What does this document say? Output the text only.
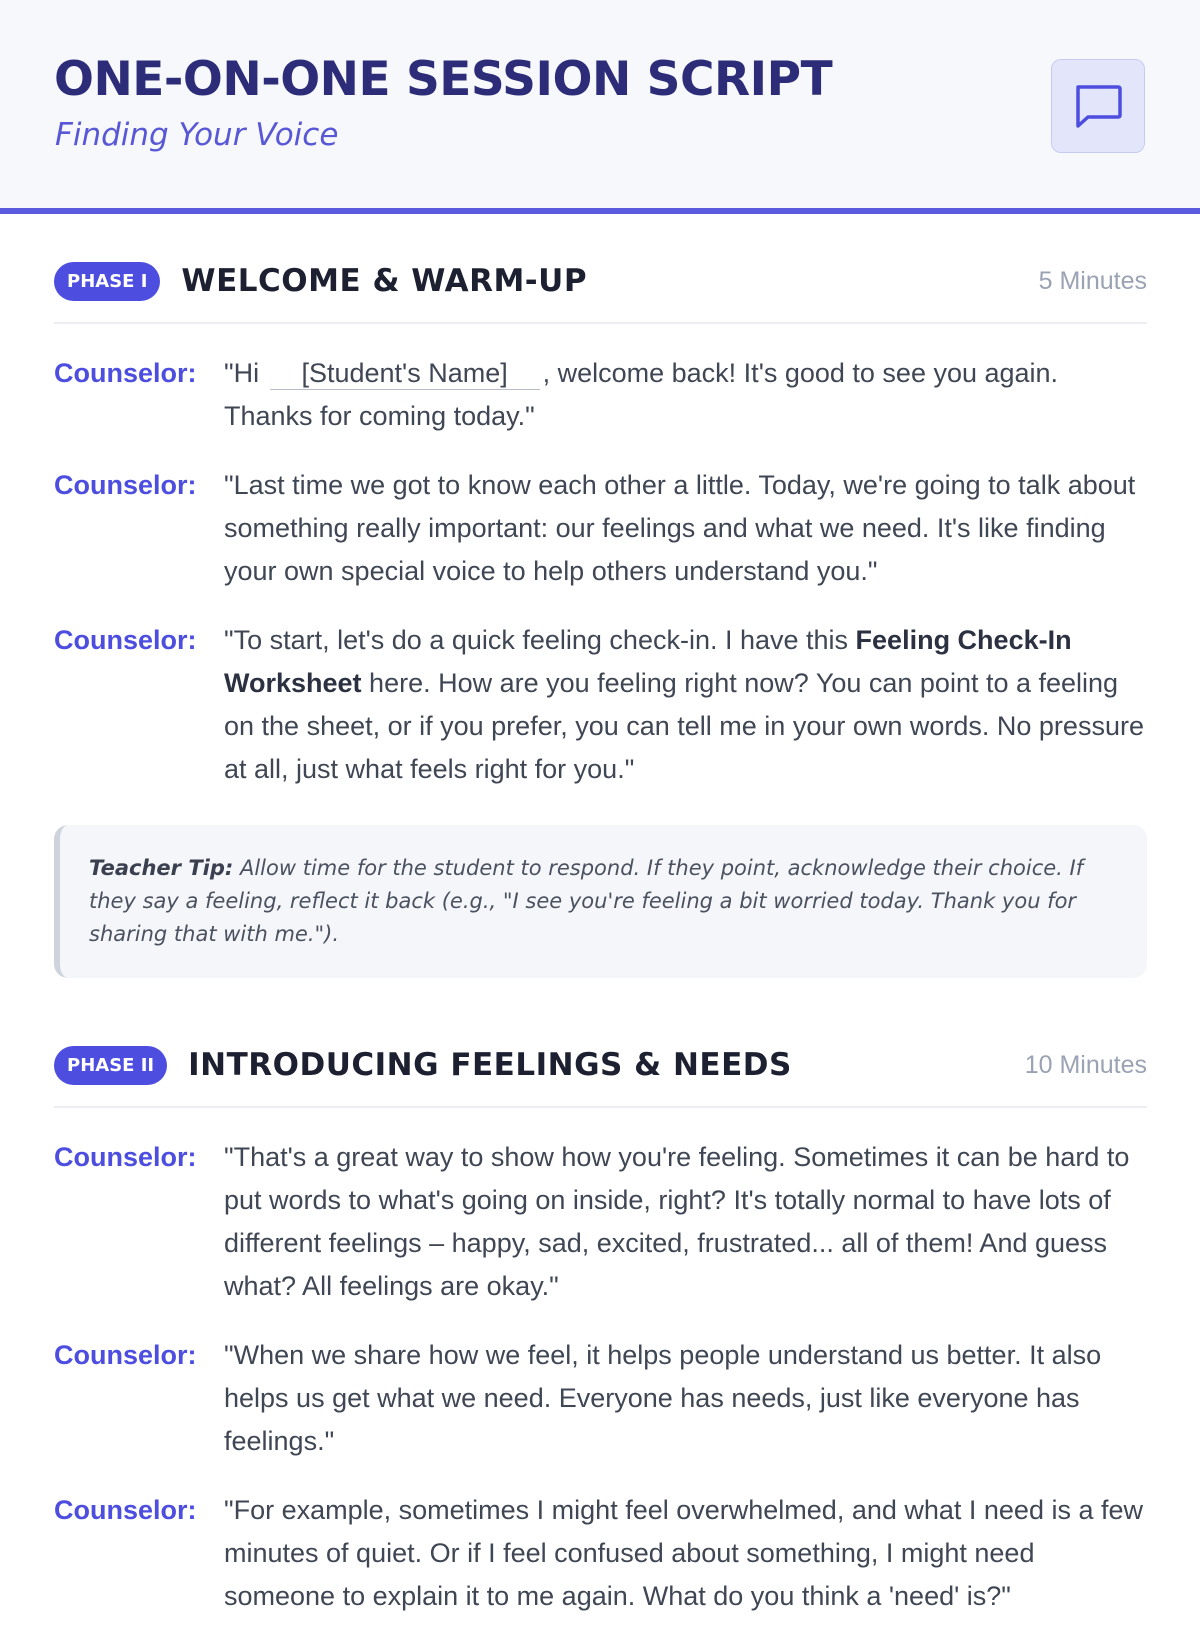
ONE-ON-ONE SESSION SCRIPT
Finding Your Voice
PHASE I	WELCOME & WARM-UP	5 Minutes
Counselor:	"Hi [Student's Name] , welcome back! It's good to see you again. Thanks for coming today."
Counselor:	"Last time we got to know each other a little. Today, we're going to talk about something really important: our feelings and what we need. It's like finding your own special voice to help others understand you."
Counselor:	"To start, let's do a quick feeling check-in. I have this Feeling Check-In Worksheet here. How are you feeling right now? You can point to a feeling on the sheet, or if you prefer, you can tell me in your own words. No pressure at all, just what feels right for you."
Teacher Tip: Allow time for the student to respond. If they point, acknowledge their choice. If they say a feeling, reflect it back (e.g., "I see you're feeling a bit worried today. Thank you for sharing that with me.").
PHASE II	INTRODUCING FEELINGS & NEEDS	10 Minutes
Counselor:	"That's a great way to show how you're feeling. Sometimes it can be hard to put words to what's going on inside, right? It's totally normal to have lots of different feelings – happy, sad, excited, frustrated... all of them! And guess what? All feelings are okay."
Counselor:	"When we share how we feel, it helps people understand us better. It also helps us get what we need. Everyone has needs, just like everyone has feelings."
Counselor:	"For example, sometimes I might feel overwhelmed, and what I need is a few minutes of quiet. Or if I feel confused about something, I might need someone to explain it to me again. What do you think a 'need' is?"
